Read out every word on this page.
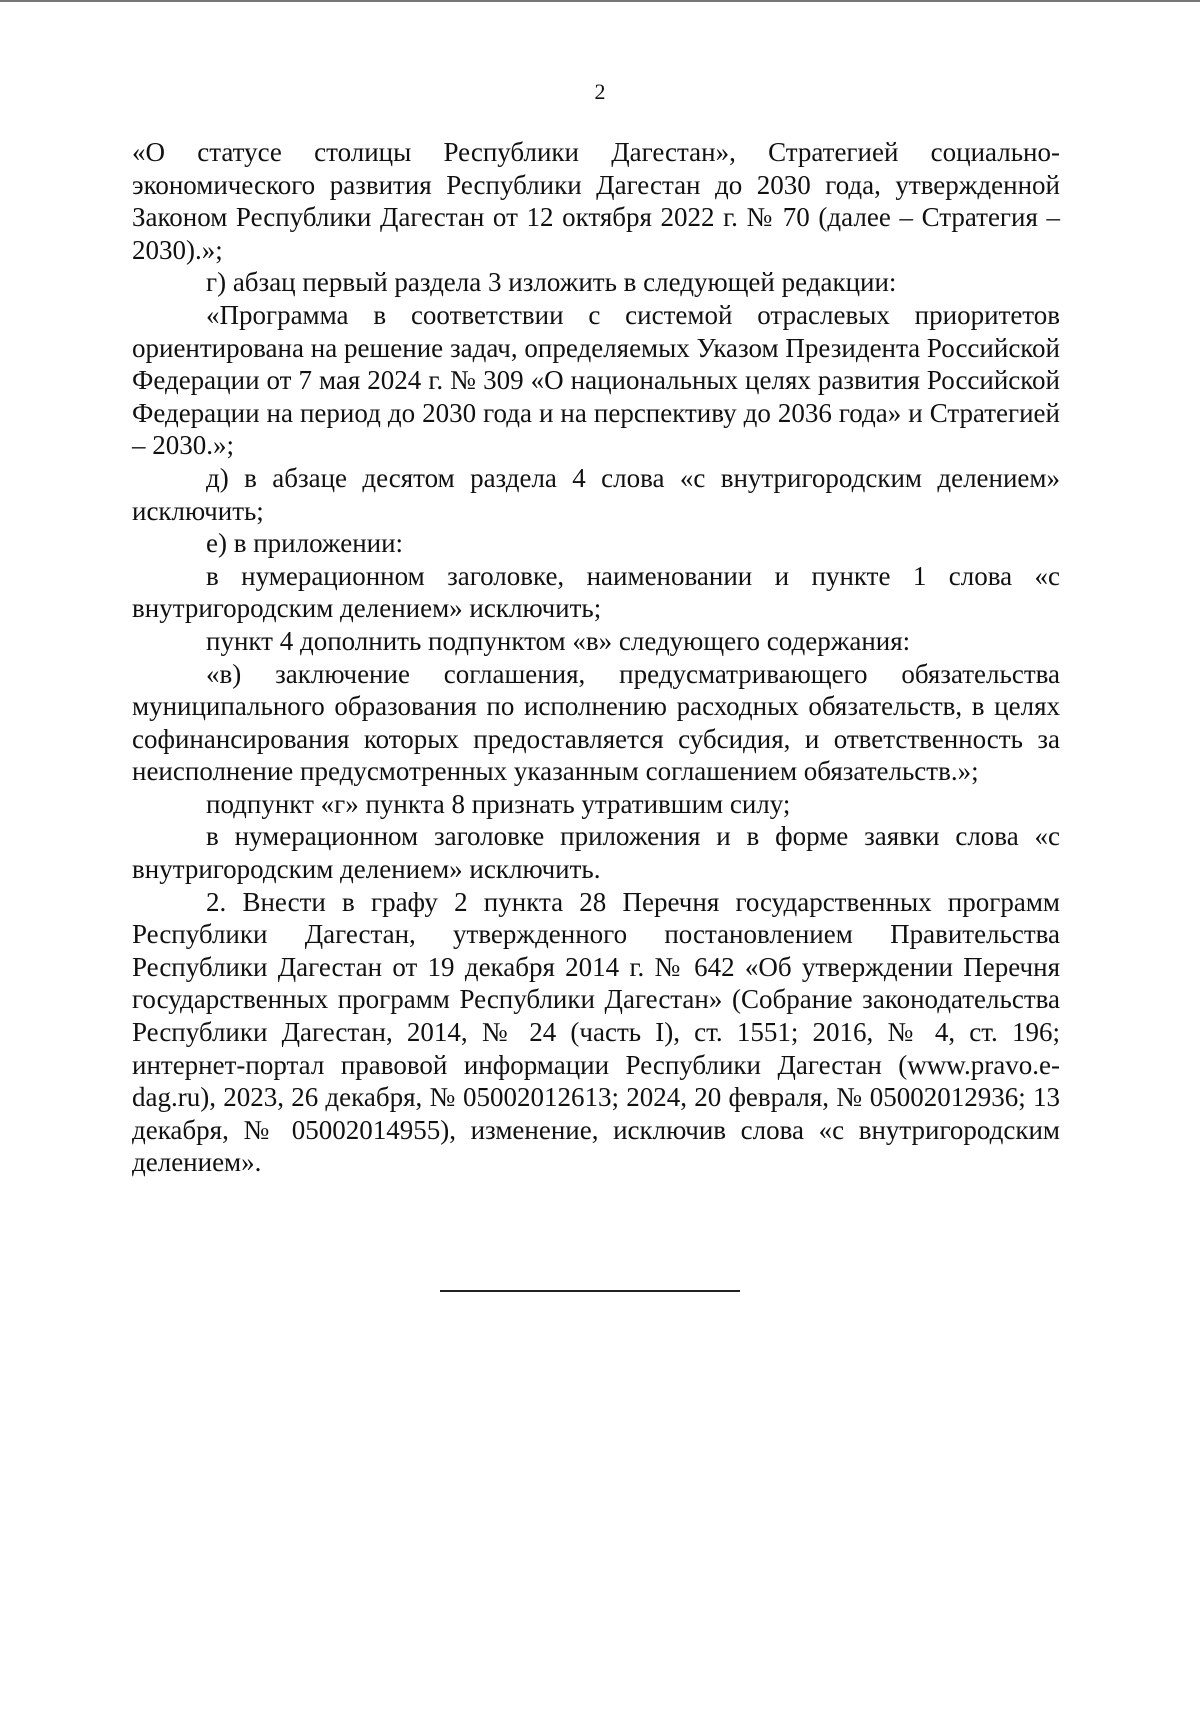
2

«О статусе столицы Республики Дагестан», Стратегией социально-экономического развития Республики Дагестан до 2030 года, утвержденной Законом Республики Дагестан от 12 октября 2022 г. № 70 (далее – Стратегия – 2030).»;

г) абзац первый раздела 3 изложить в следующей редакции:

«Программа в соответствии с системой отраслевых приоритетов ориентирована на решение задач, определяемых Указом Президента Российской Федерации от 7 мая 2024 г. № 309 «О национальных целях развития Российской Федерации на период до 2030 года и на перспективу до 2036 года» и Стратегией – 2030.»;

д) в абзаце десятом раздела 4 слова «с внутригородским делением» исключить;

е) в приложении:

в нумерационном заголовке, наименовании и пункте 1 слова «с внутригородским делением» исключить;

пункт 4 дополнить подпунктом «в» следующего содержания:

«в) заключение соглашения, предусматривающего обязательства муниципального образования по исполнению расходных обязательств, в целях софинансирования которых предоставляется субсидия, и ответственность за неисполнение предусмотренных указанным соглашением обязательств.»;

подпункт «г» пункта 8 признать утратившим силу;

в нумерационном заголовке приложения и в форме заявки слова «с внутригородским делением» исключить.

2. Внести в графу 2 пункта 28 Перечня государственных программ Республики Дагестан, утвержденного постановлением Правительства Республики Дагестан от 19 декабря 2014 г. № 642 «Об утверждении Перечня государственных программ Республики Дагестан» (Собрание законодательства Республики Дагестан, 2014, № 24 (часть I), ст. 1551; 2016, № 4, ст. 196; интернет-портал правовой информации Республики Дагестан (www.pravo.e-dag.ru), 2023, 26 декабря, № 05002012613; 2024, 20 февраля, № 05002012936; 13 декабря, № 05002014955), изменение, исключив слова «с внутригородским делением».
